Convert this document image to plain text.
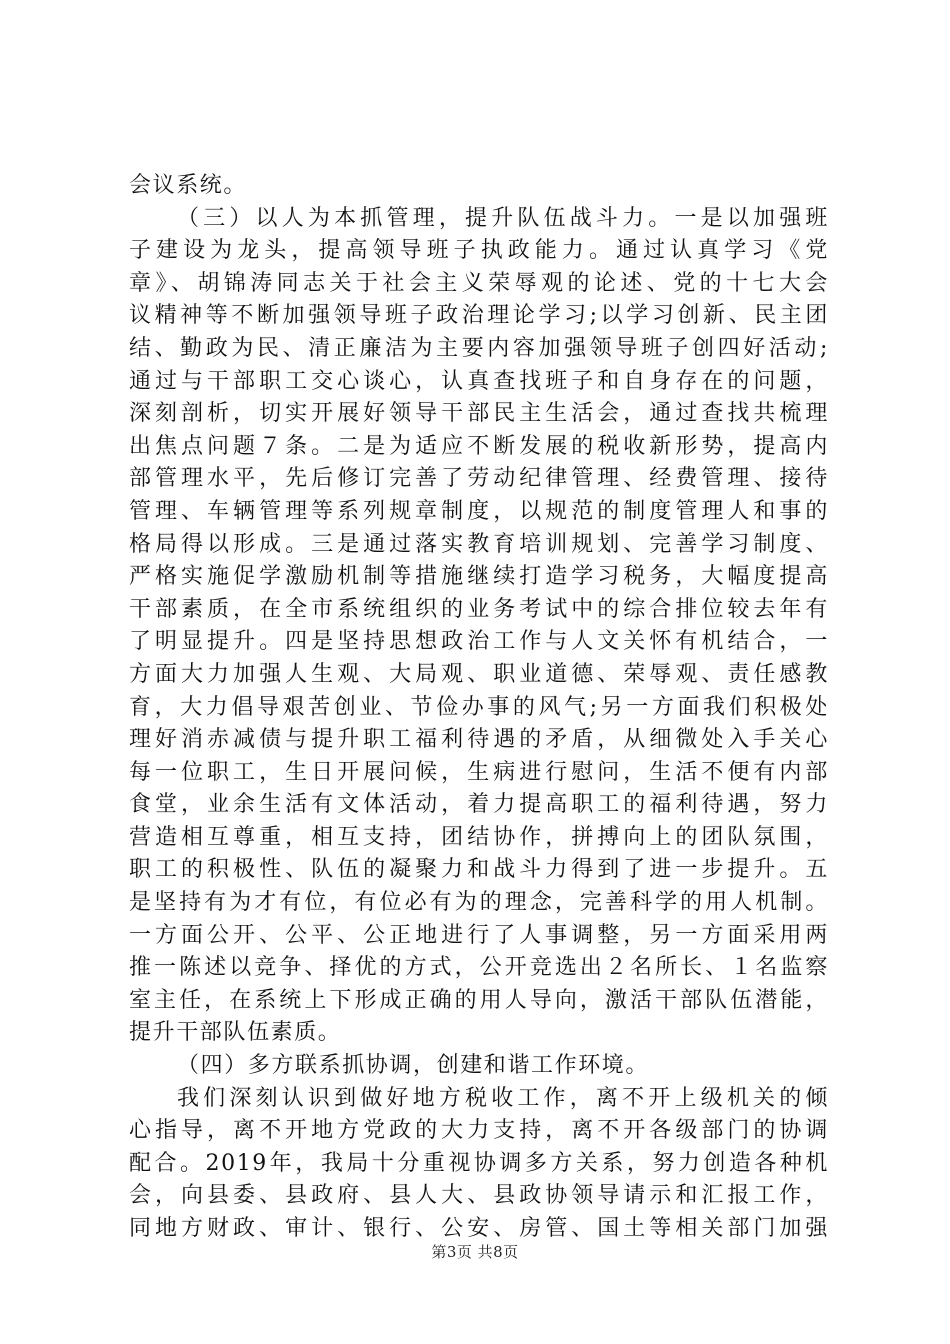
会议系统。
（三）以人为本抓管理，提升队伍战斗力。一是以加强班
子建设为龙头，提高领导班子执政能力。通过认真学习《党
章》、胡锦涛同志关于社会主义荣辱观的论述、党的十七大会
议精神等不断加强领导班子政治理论学习;以学习创新、民主团
结、勤政为民、清正廉洁为主要内容加强领导班子创四好活动;
通过与干部职工交心谈心，认真查找班子和自身存在的问题，
深刻剖析，切实开展好领导干部民主生活会，通过查找共梳理
出焦点问题７条。二是为适应不断发展的税收新形势，提高内
部管理水平，先后修订完善了劳动纪律管理、经费管理、接待
管理、车辆管理等系列规章制度，以规范的制度管理人和事的
格局得以形成。三是通过落实教育培训规划、完善学习制度、
严格实施促学激励机制等措施继续打造学习税务，大幅度提高
干部素质，在全市系统组织的业务考试中的综合排位较去年有
了明显提升。四是坚持思想政治工作与人文关怀有机结合，一
方面大力加强人生观、大局观、职业道德、荣辱观、责任感教
育，大力倡导艰苦创业、节俭办事的风气;另一方面我们积极处
理好消赤减债与提升职工福利待遇的矛盾，从细微处入手关心
每一位职工，生日开展问候，生病进行慰问，生活不便有内部
食堂，业余生活有文体活动，着力提高职工的福利待遇，努力
营造相互尊重，相互支持，团结协作，拼搏向上的团队氛围，
职工的积极性、队伍的凝聚力和战斗力得到了进一步提升。五
是坚持有为才有位，有位必有为的理念，完善科学的用人机制。
一方面公开、公平、公正地进行了人事调整，另一方面采用两
推一陈述以竞争、择优的方式，公开竞选出２名所长、１名监察
室主任，在系统上下形成正确的用人导向，激活干部队伍潜能，
提升干部队伍素质。
（四）多方联系抓协调，创建和谐工作环境。
我们深刻认识到做好地方税收工作，离不开上级机关的倾
心指导，离不开地方党政的大力支持，离不开各级部门的协调
配合。2019年，我局十分重视协调多方关系，努力创造各种机
会，向县委、县政府、县人大、县政协领导请示和汇报工作，
同地方财政、审计、银行、公安、房管、国土等相关部门加强
第3页 共8页
